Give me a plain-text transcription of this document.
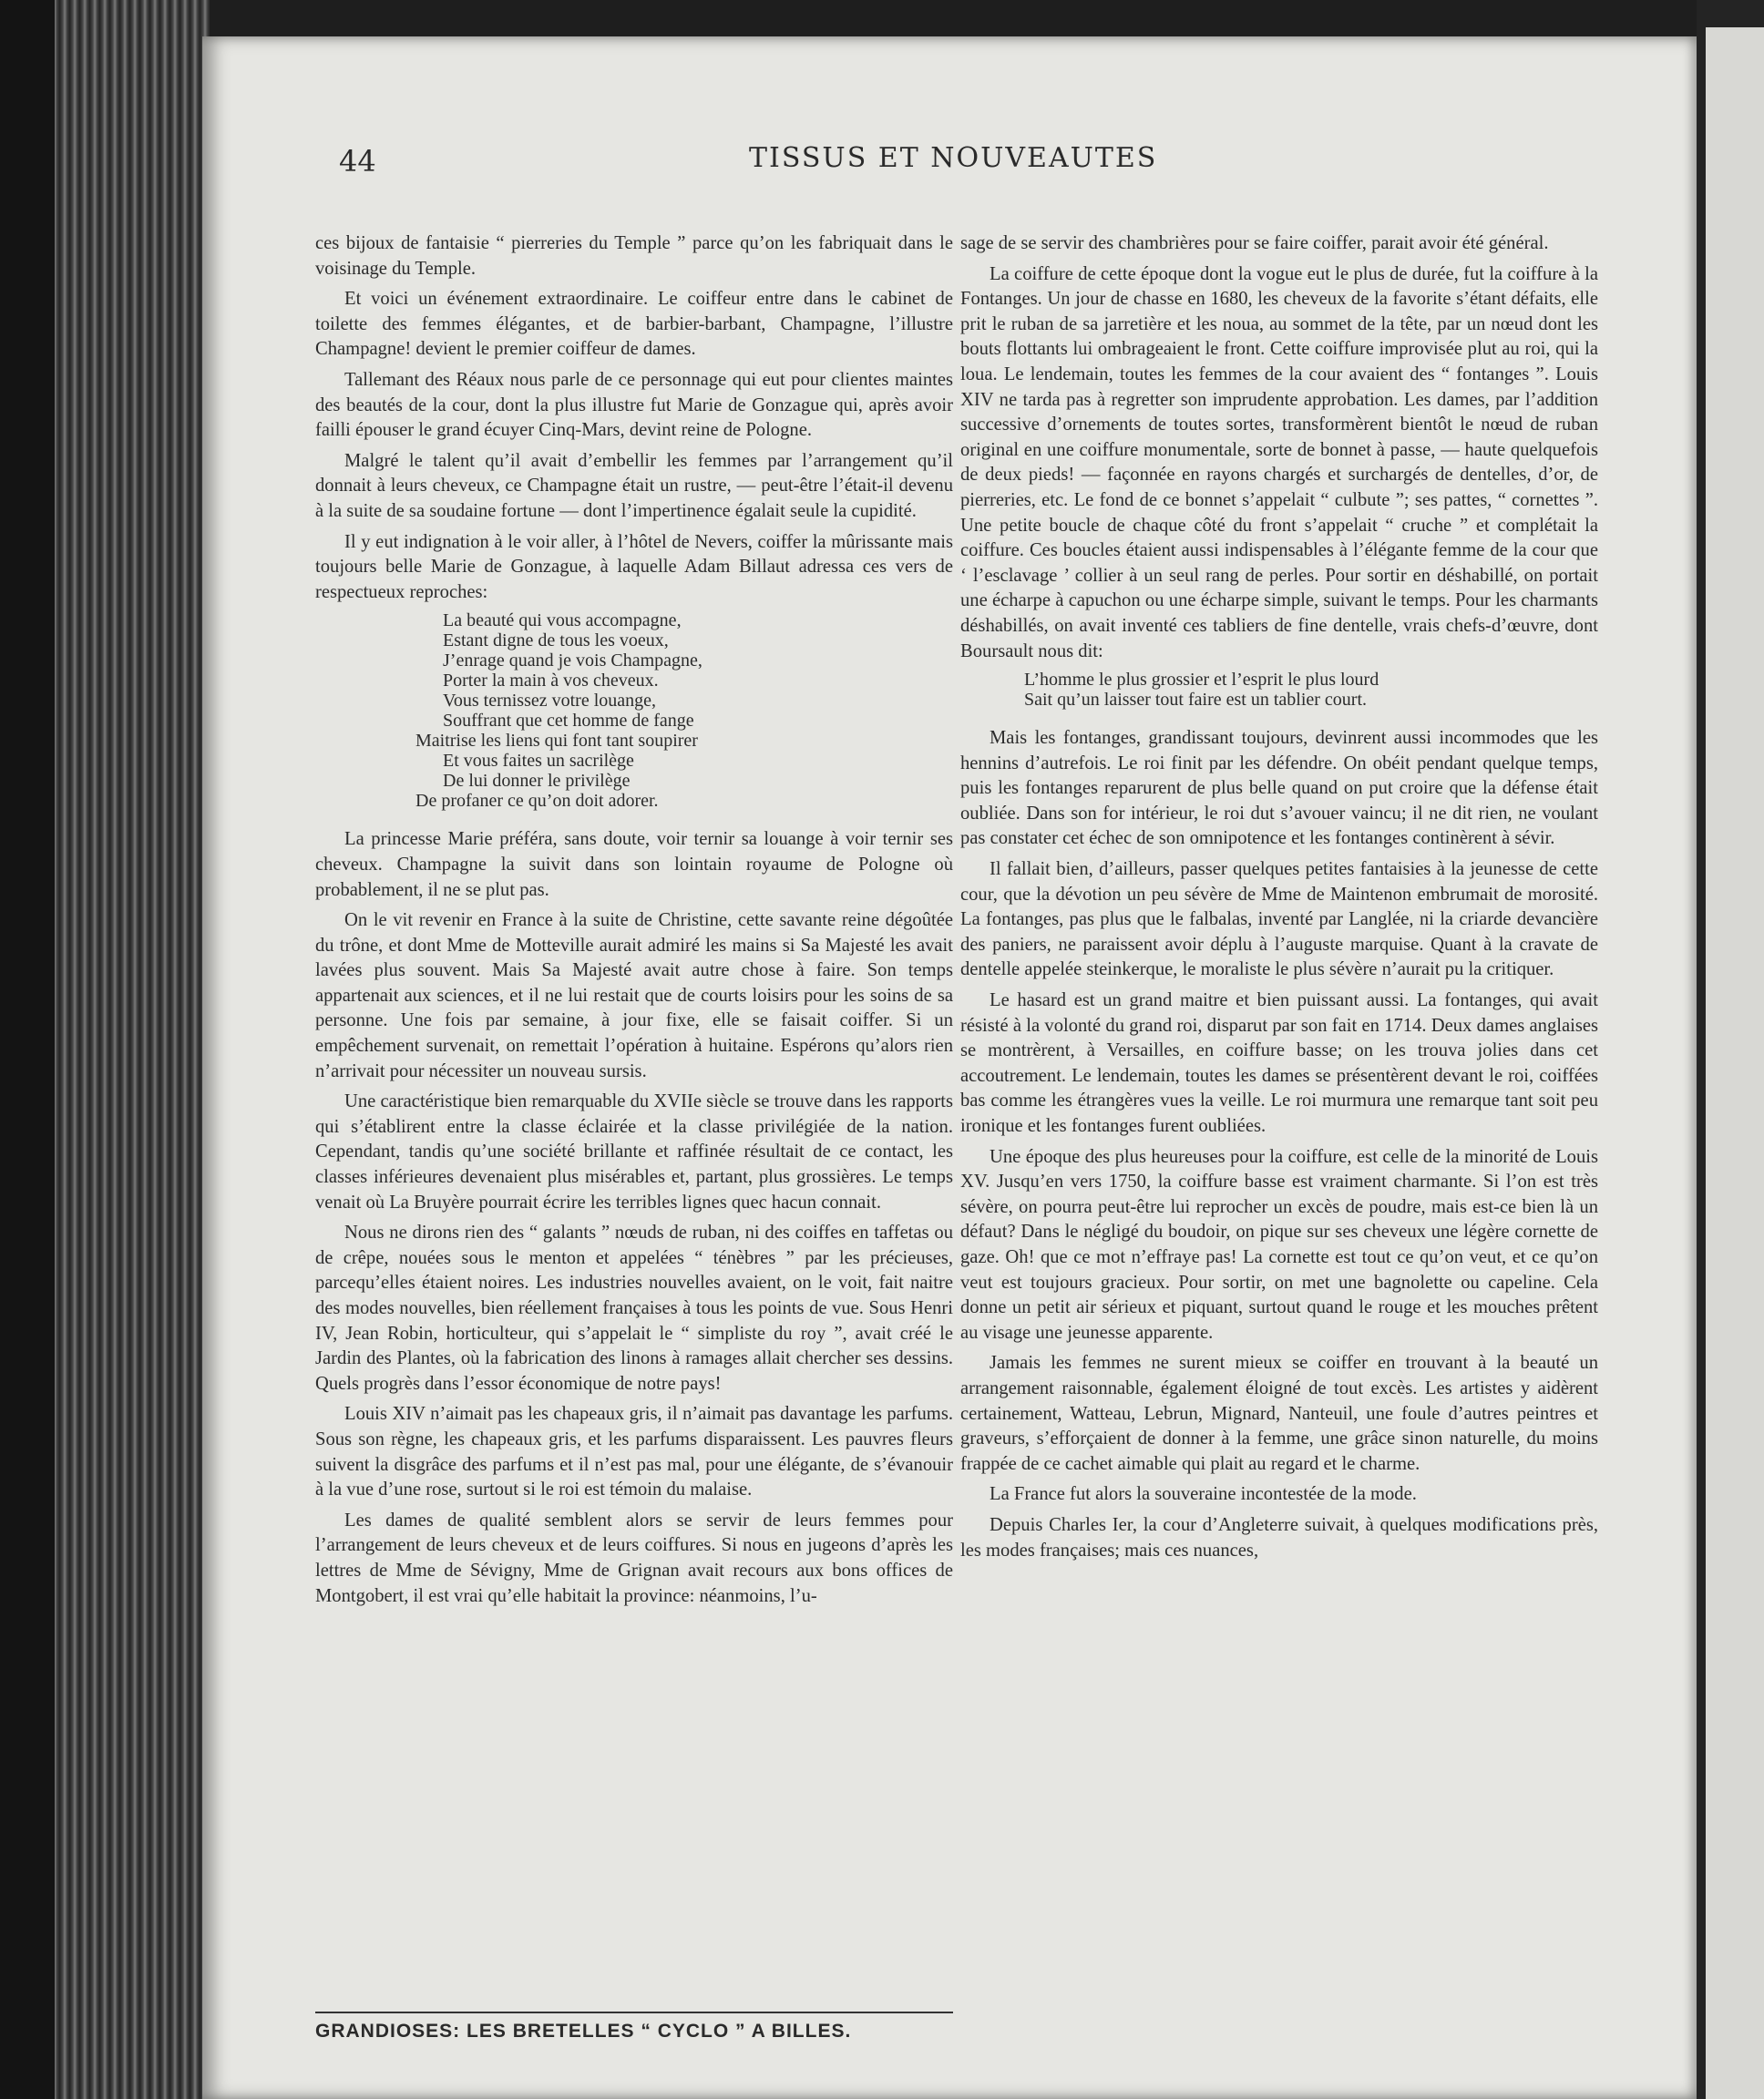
44	TISSUS ET NOUVEAUTES

ces bijoux de fantaisie “ pierreries du Temple ” parce qu’on les fabriquait dans le voisinage du Temple.

Et voici un événement extraordinaire. Le coiffeur entre dans le cabinet de toilette des femmes élégantes, et de barbier-barbant, Champagne, l’illustre Champagne! devient le premier coiffeur de dames.

Tallemant des Réaux nous parle de ce personnage qui eut pour clientes maintes des beautés de la cour, dont la plus illustre fut Marie de Gonzague qui, après avoir failli épouser le grand écuyer Cinq-Mars, devint reine de Pologne.

Malgré le talent qu’il avait d’embellir les femmes par l’arrangement qu’il donnait à leurs cheveux, ce Champagne était un rustre, — peut-être l’était-il devenu à la suite de sa soudaine fortune — dont l’impertinence égalait seule la cupidité.

Il y eut indignation à le voir aller, à l’hôtel de Nevers, coiffer la mûrissante mais toujours belle Marie de Gonzague, à laquelle Adam Billaut adressa ces vers de respectueux reproches:

La beauté qui vous accompagne,
Estant digne de tous les voeux,
J’enrage quand je vois Champagne,
Porter la main à vos cheveux.
Vous ternissez votre louange,
Souffrant que cet homme de fange
Maitrise les liens qui font tant soupirer
Et vous faites un sacrilège
De lui donner le privilège
De profaner ce qu’on doit adorer.

La princesse Marie préféra, sans doute, voir ternir sa louange à voir ternir ses cheveux. Champagne la suivit dans son lointain royaume de Pologne où probablement, il ne se plut pas.

On le vit revenir en France à la suite de Christine, cette savante reine dégoûtée du trône, et dont Mme de Motteville aurait admiré les mains si Sa Majesté les avait lavées plus souvent. Mais Sa Majesté avait autre chose à faire. Son temps appartenait aux sciences, et il ne lui restait que de courts loisirs pour les soins de sa personne. Une fois par semaine, à jour fixe, elle se faisait coiffer. Si un empêchement survenait, on remettait l’opération à huitaine. Espérons qu’alors rien n’arrivait pour nécessiter un nouveau sursis.

Une caractéristique bien remarquable du XVIIe siècle se trouve dans les rapports qui s’établirent entre la classe éclairée et la classe privilégiée de la nation. Cependant, tandis qu’une société brillante et raffinée résultait de ce contact, les classes inférieures devenaient plus misérables et, partant, plus grossières. Le temps venait où La Bruyère pourrait écrire les terribles lignes quec hacun connait.

Nous ne dirons rien des “ galants ” nœuds de ruban, ni des coiffes en taffetas ou de crêpe, nouées sous le menton et appelées “ ténèbres ” par les précieuses, parcequ’elles étaient noires. Les industries nouvelles avaient, on le voit, fait naitre des modes nouvelles, bien réellement françaises à tous les points de vue. Sous Henri IV, Jean Robin, horticulteur, qui s’appelait le “ simpliste du roy ”, avait créé le Jardin des Plantes, où la fabrication des linons à ramages allait chercher ses dessins. Quels progrès dans l’essor économique de notre pays!

Louis XIV n’aimait pas les chapeaux gris, il n’aimait pas davantage les parfums. Sous son règne, les chapeaux gris, et les parfums disparaissent. Les pauvres fleurs suivent la disgrâce des parfums et il n’est pas mal, pour une élégante, de s’évanouir à la vue d’une rose, surtout si le roi est témoin du malaise.

Les dames de qualité semblent alors se servir de leurs femmes pour l’arrangement de leurs cheveux et de leurs coiffures. Si nous en jugeons d’après les lettres de Mme de Sévigny, Mme de Grignan avait recours aux bons offices de Montgobert, il est vrai qu’elle habitait la province: néanmoins, l’u-

sage de se servir des chambrières pour se faire coiffer, parait avoir été général.

La coiffure de cette époque dont la vogue eut le plus de durée, fut la coiffure à la Fontanges. Un jour de chasse en 1680, les cheveux de la favorite s’étant défaits, elle prit le ruban de sa jarretière et les noua, au sommet de la tête, par un nœud dont les bouts flottants lui ombrageaient le front. Cette coiffure improvisée plut au roi, qui la loua. Le lendemain, toutes les femmes de la cour avaient des “ fontanges ”. Louis XIV ne tarda pas à regretter son imprudente approbation. Les dames, par l’addition successive d’ornements de toutes sortes, transformèrent bientôt le nœud de ruban original en une coiffure monumentale, sorte de bonnet à passe, — haute quelquefois de deux pieds! — façonnée en rayons chargés et surchargés de dentelles, d’or, de pierreries, etc. Le fond de ce bonnet s’appelait “ culbute ”; ses pattes, “ cornettes ”. Une petite boucle de chaque côté du front s’appelait “ cruche ” et complétait la coiffure. Ces boucles étaient aussi indispensables à l’élégante femme de la cour que ‘ l’esclavage ’ collier à un seul rang de perles. Pour sortir en déshabillé, on portait une écharpe à capuchon ou une écharpe simple, suivant le temps. Pour les charmants déshabillés, on avait inventé ces tabliers de fine dentelle, vrais chefs-d’œuvre, dont Boursault nous dit:

L’homme le plus grossier et l’esprit le plus lourd
Sait qu’un laisser tout faire est un tablier court.

Mais les fontanges, grandissant toujours, devinrent aussi incommodes que les hennins d’autrefois. Le roi finit par les défendre. On obéit pendant quelque temps, puis les fontanges reparurent de plus belle quand on put croire que la défense était oubliée. Dans son for intérieur, le roi dut s’avouer vaincu; il ne dit rien, ne voulant pas constater cet échec de son omnipotence et les fontanges continèrent à sévir.

Il fallait bien, d’ailleurs, passer quelques petites fantaisies à la jeunesse de cette cour, que la dévotion un peu sévère de Mme de Maintenon embrumait de morosité. La fontanges, pas plus que le falbalas, inventé par Langlée, ni la criarde devancière des paniers, ne paraissent avoir déplu à l’auguste marquise. Quant à la cravate de dentelle appelée steinkerque, le moraliste le plus sévère n’aurait pu la critiquer.

Le hasard est un grand maitre et bien puissant aussi. La fontanges, qui avait résisté à la volonté du grand roi, disparut par son fait en 1714. Deux dames anglaises se montrèrent, à Versailles, en coiffure basse; on les trouva jolies dans cet accoutrement. Le lendemain, toutes les dames se présentèrent devant le roi, coiffées bas comme les étrangères vues la veille. Le roi murmura une remarque tant soit peu ironique et les fontanges furent oubliées.

Une époque des plus heureuses pour la coiffure, est celle de la minorité de Louis XV. Jusqu’en vers 1750, la coiffure basse est vraiment charmante. Si l’on est très sévère, on pourra peut-être lui reprocher un excès de poudre, mais est-ce bien là un défaut? Dans le négligé du boudoir, on pique sur ses cheveux une légère cornette de gaze. Oh! que ce mot n’effraye pas! La cornette est tout ce qu’on veut, et ce qu’on veut est toujours gracieux. Pour sortir, on met une bagnolette ou capeline. Cela donne un petit air sérieux et piquant, surtout quand le rouge et les mouches prêtent au visage une jeunesse apparente.

Jamais les femmes ne surent mieux se coiffer en trouvant à la beauté un arrangement raisonnable, également éloigné de tout excès. Les artistes y aidèrent certainement, Watteau, Lebrun, Mignard, Nanteuil, une foule d’autres peintres et graveurs, s’efforçaient de donner à la femme, une grâce sinon naturelle, du moins frappée de ce cachet aimable qui plait au regard et le charme.

La France fut alors la souveraine incontestée de la mode.

Depuis Charles Ier, la cour d’Angleterre suivait, à quelques modifications près, les modes françaises; mais ces nuances,

GRANDIOSES: LES BRETELLES “ CYCLO ” A BILLES.
